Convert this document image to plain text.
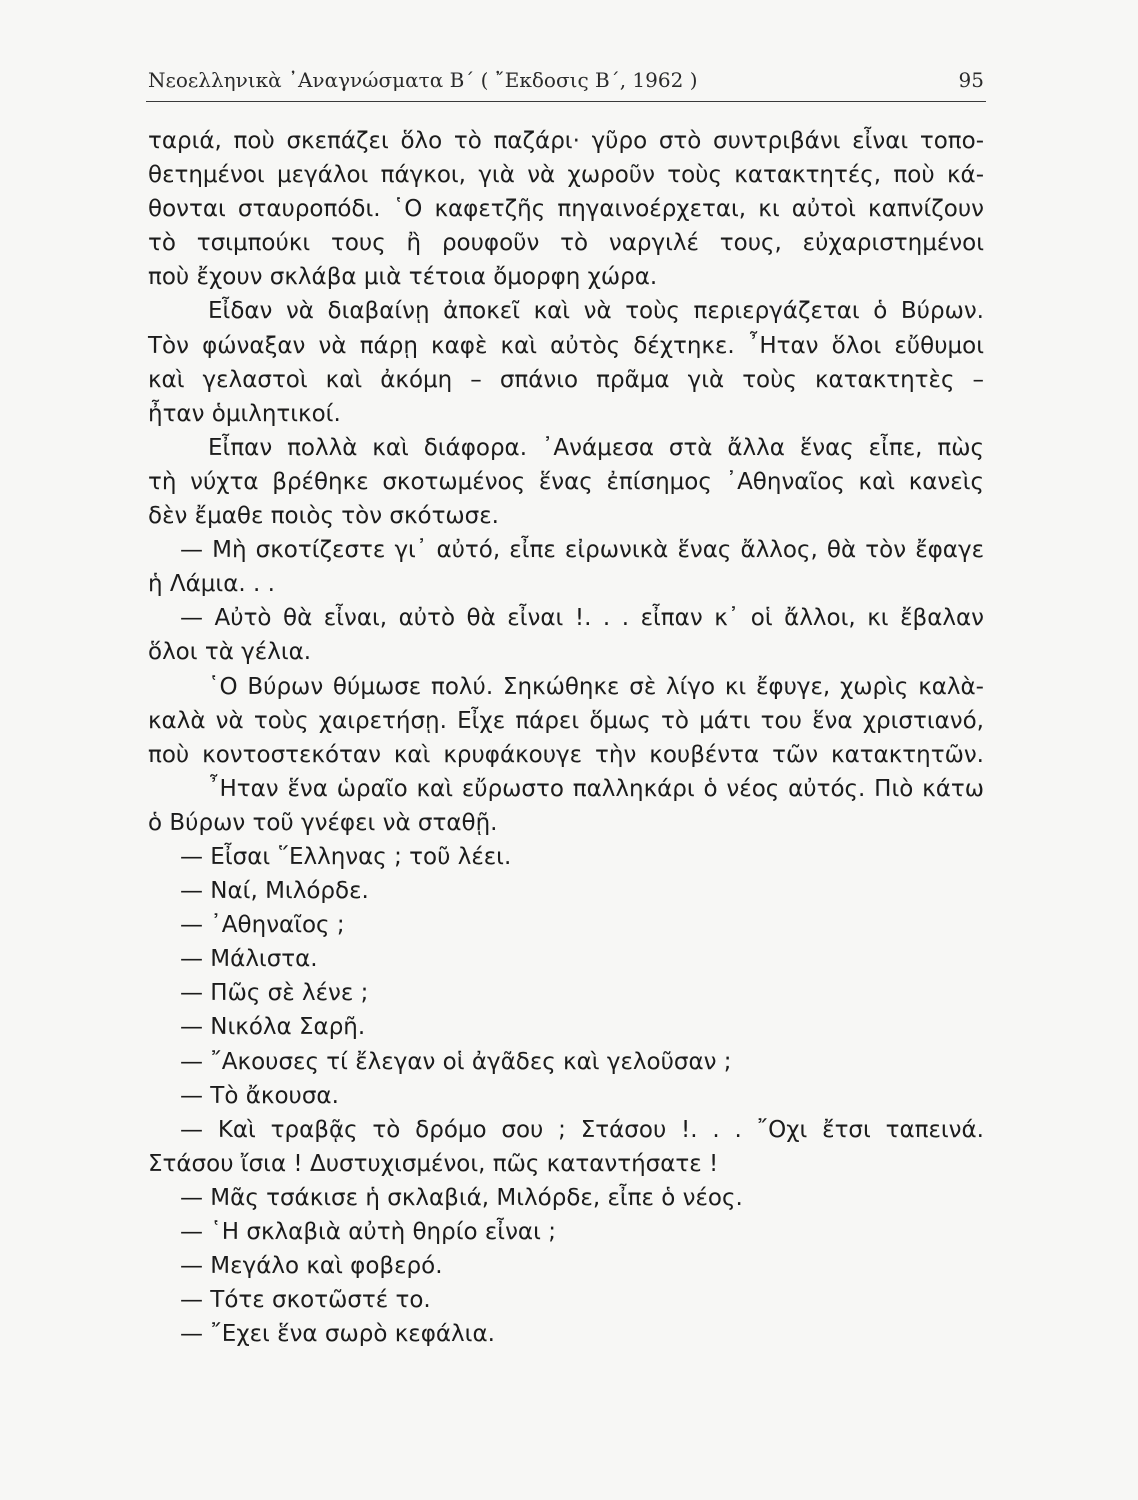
Νεοελληνικὰ ᾿Αναγνώσματα Β΄ ( ῎Εκδοσις Β΄, 1962 )	95
ταριά, ποὺ σκεπάζει ὅλο τὸ παζάρι· γῦρο στὸ συντριβάνι εἶναι τοπο-
θετημένοι μεγάλοι πάγκοι, γιὰ νὰ χωροῦν τοὺς κατακτητές, ποὺ κά-
θονται σταυροπόδι. ῾Ο καφετζῆς πηγαινοέρχεται, κι αὐτοὶ καπνίζουν
τὸ τσιμπούκι τους ἢ ρουφοῦν τὸ ναργιλέ τους, εὐχαριστημένοι
ποὺ ἔχουν σκλάβα μιὰ τέτοια ὄμορφη χώρα.
Εἶδαν νὰ διαβαίνῃ ἀποκεῖ καὶ νὰ τοὺς περιεργάζεται ὁ Βύρων.
Τὸν φώναξαν νὰ πάρῃ καφὲ καὶ αὐτὸς δέχτηκε. ῏Ηταν ὅλοι εὔθυμοι
καὶ γελαστοὶ καὶ ἀκόμη – σπάνιο πρᾶμα γιὰ τοὺς κατακτητὲς –
ἦταν ὁμιλητικοί.
Εἶπαν πολλὰ καὶ διάφορα. ᾿Ανάμεσα στὰ ἄλλα ἕνας εἶπε, πὼς
τὴ νύχτα βρέθηκε σκοτωμένος ἕνας ἐπίσημος ᾿Αθηναῖος καὶ κανεὶς
δὲν ἔμαθε ποιὸς τὸν σκότωσε.
— Μὴ σκοτίζεστε γι᾿ αὐτό, εἶπε εἰρωνικὰ ἕνας ἄλλος, θὰ τὸν ἔφαγε
ἡ Λάμια. . .
— Αὐτὸ θὰ εἶναι, αὐτὸ θὰ εἶναι !. . . εἶπαν κ᾿ οἱ ἄλλοι, κι ἔβαλαν
ὅλοι τὰ γέλια.
῾Ο Βύρων θύμωσε πολύ. Σηκώθηκε σὲ λίγο κι ἔφυγε, χωρὶς καλὰ-
καλὰ νὰ τοὺς χαιρετήσῃ. Εἶχε πάρει ὅμως τὸ μάτι του ἕνα χριστιανό,
ποὺ κοντοστεκόταν καὶ κρυφάκουγε τὴν κουβέντα τῶν κατακτητῶν.
῏Ηταν ἕνα ὡραῖο καὶ εὔρωστο παλληκάρι ὁ νέος αὐτός. Πιὸ κάτω
ὁ Βύρων τοῦ γνέφει νὰ σταθῇ.
— Εἶσαι ῞Ελληνας ; τοῦ λέει.
— Ναί, Μιλόρδε.
— ᾿Αθηναῖος ;
— Μάλιστα.
— Πῶς σὲ λένε ;
— Νικόλα Σαρῆ.
— ῎Ακουσες τί ἔλεγαν οἱ ἀγᾶδες καὶ γελοῦσαν ;
— Τὸ ἄκουσα.
— Καὶ τραβᾷς τὸ δρόμο σου ; Στάσου !. . . ῎Οχι ἔτσι ταπεινά.
Στάσου ἴσια ! Δυστυχισμένοι, πῶς καταντήσατε !
— Μᾶς τσάκισε ἡ σκλαβιά, Μιλόρδε, εἶπε ὁ νέος.
— ῾Η σκλαβιὰ αὐτὴ θηρίο εἶναι ;
— Μεγάλο καὶ φοβερό.
— Τότε σκοτῶστέ το.
— ῎Εχει ἕνα σωρὸ κεφάλια.
